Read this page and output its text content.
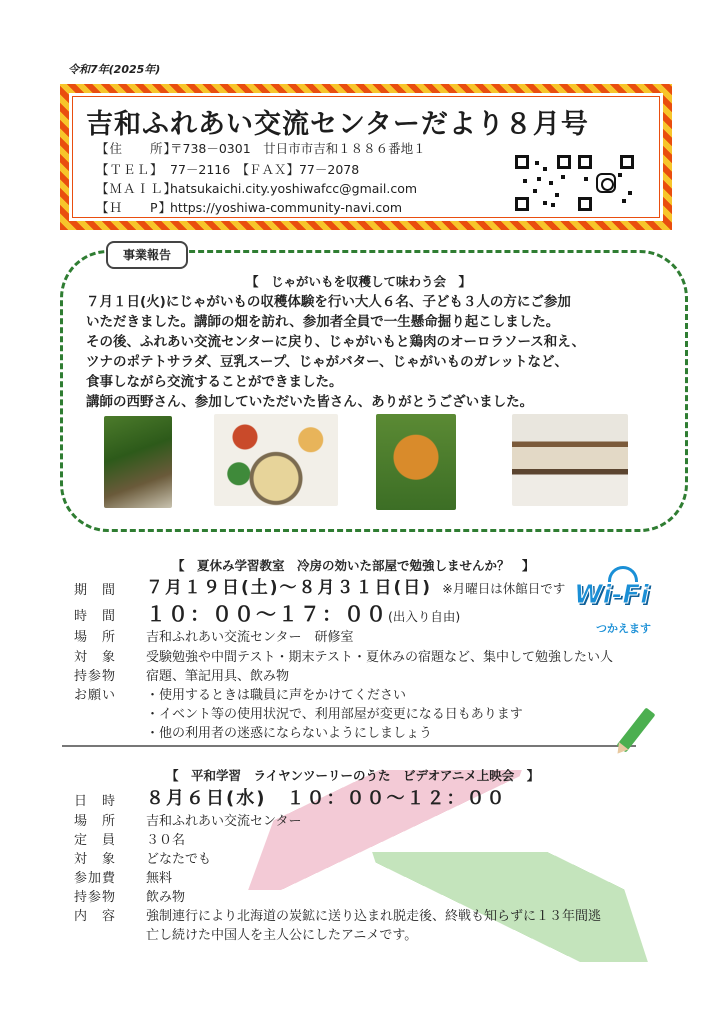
令和7年(2025年)
吉和ふれあい交流センターだより８月号
【住　　所】〒738－0301　廿日市市吉和１８８６番地１
【ＴＥＬ】 77－2116　【ＦＡＸ】77－2078
【ＭＡＩＬ】hatsukaichi.city.yoshiwafcc@gmail.com
【Ｈ　　P】https://yoshiwa-community-navi.com
事業報告
【　じゃがいもを収穫して味わう会　】
７月１日(火)にじゃがいもの収穫体験を行い大人６名、子ども３人の方にご参加
いただきました。講師の畑を訪れ、参加者全員で一生懸命掘り起こしました。
その後、ふれあい交流センターに戻り、じゃがいもと鶏肉のオーロラソース和え、
ツナのポテトサラダ、豆乳スープ、じゃがバター、じゃがいものガレットなど、
食事しながら交流することができました。
講師の西野さん、参加していただいた皆さん、ありがとうございました。
【　夏休み学習教室　冷房の効いた部屋で勉強しませんか？　】
期　間	７月１９日(土)～８月３１日(日) ※月曜日は休館日です
時　間	１０：００～１７：００(出入り自由)
場　所	吉和ふれあい交流センター　研修室
対　象	受験勉強や中間テスト・期末テスト・夏休みの宿題など、集中して勉強したい人
持参物	宿題、筆記用具、飲み物
お願い	・使用するときは職員に声をかけてください
・イベント等の使用状況で、利用部屋が変更になる日もあります
・他の利用者の迷惑にならないようにしましょう
Wi-Fi
つかえます
【　平和学習　ライヤンツーリーのうた　ビデオアニメ上映会　】
日　時	８月６日(水)　１０：００～１２：００
場　所	吉和ふれあい交流センター
定　員	３０名
対　象	どなたでも
参加費	無料
持参物	飲み物
内　容	強制連行により北海道の炭鉱に送り込まれ脱走後、終戦も知らずに１３年間逃
亡し続けた中国人を主人公にしたアニメです。
